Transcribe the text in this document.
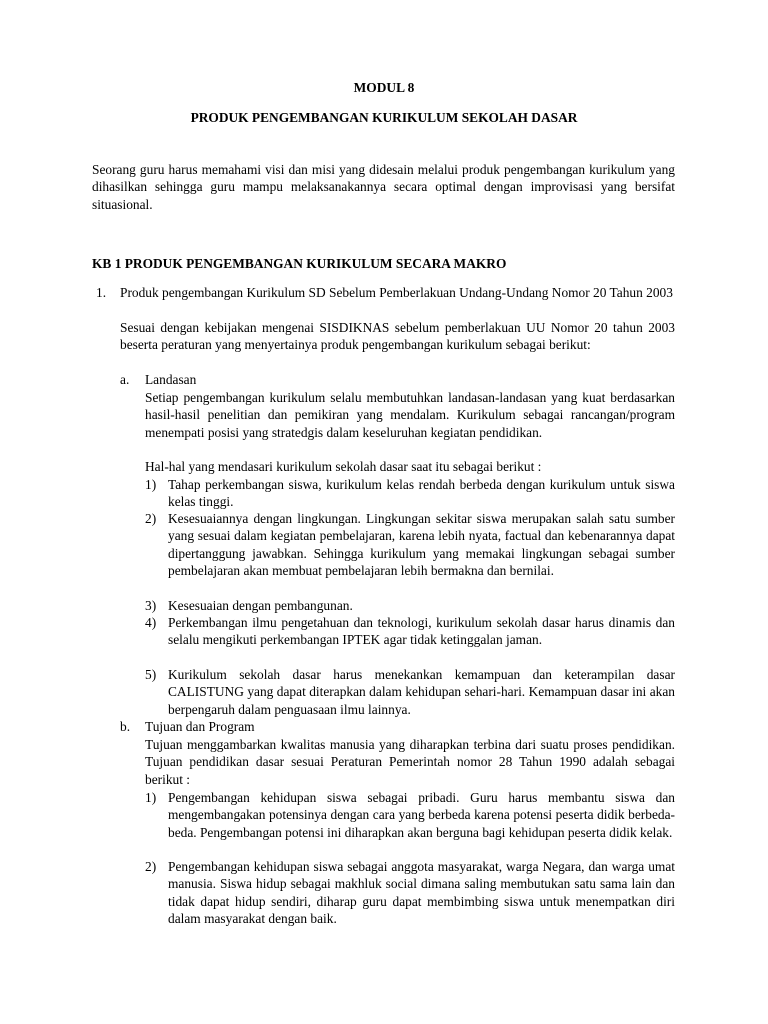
MODUL 8
PRODUK PENGEMBANGAN KURIKULUM SEKOLAH DASAR
Seorang guru harus memahami visi dan misi yang didesain melalui produk pengembangan kurikulum yang dihasilkan sehingga guru mampu melaksanakannya secara optimal dengan improvisasi yang bersifat situasional.
KB 1 PRODUK PENGEMBANGAN KURIKULUM SECARA MAKRO
1. Produk pengembangan Kurikulum SD Sebelum Pemberlakuan Undang-Undang Nomor 20 Tahun 2003
Sesuai dengan kebijakan mengenai SISDIKNAS sebelum pemberlakuan UU Nomor 20 tahun 2003 beserta peraturan yang menyertainya produk pengembangan kurikulum sebagai berikut:
a. Landasan
Setiap pengembangan kurikulum selalu membutuhkan landasan-landasan yang kuat berdasarkan hasil-hasil penelitian dan pemikiran yang mendalam. Kurikulum sebagai rancangan/program menempati posisi yang stratedgis dalam keseluruhan kegiatan pendidikan.
Hal-hal yang mendasari kurikulum sekolah dasar saat itu sebagai berikut :
1) Tahap perkembangan siswa, kurikulum kelas rendah berbeda dengan kurikulum untuk siswa kelas tinggi.
2) Kesesuaiannya dengan lingkungan. Lingkungan sekitar siswa merupakan salah satu sumber yang sesuai dalam kegiatan pembelajaran, karena lebih nyata, factual dan kebenarannya dapat dipertanggung jawabkan. Sehingga kurikulum yang memakai lingkungan sebagai sumber pembelajaran akan membuat pembelajaran lebih bermakna dan bernilai.
3) Kesesuaian dengan pembangunan.
4) Perkembangan ilmu pengetahuan dan teknologi, kurikulum sekolah dasar harus dinamis dan selalu mengikuti perkembangan IPTEK agar tidak ketinggalan jaman.
5) Kurikulum sekolah dasar harus menekankan kemampuan dan keterampilan dasar CALISTUNG yang dapat diterapkan dalam kehidupan sehari-hari. Kemampuan dasar ini akan berpengaruh dalam penguasaan ilmu lainnya.
b. Tujuan dan Program
Tujuan menggambarkan kwalitas manusia yang diharapkan terbina dari suatu proses pendidikan. Tujuan pendidikan dasar sesuai Peraturan Pemerintah nomor 28 Tahun 1990 adalah sebagai berikut :
1) Pengembangan kehidupan siswa sebagai pribadi. Guru harus membantu siswa dan mengembangakan potensinya dengan cara yang berbeda karena potensi peserta didik berbeda-beda. Pengembangan potensi ini diharapkan akan berguna bagi kehidupan peserta didik kelak.
2) Pengembangan kehidupan siswa sebagai anggota masyarakat, warga Negara, dan warga umat manusia. Siswa hidup sebagai makhluk social dimana saling membutukan satu sama lain dan tidak dapat hidup sendiri, diharap guru dapat membimbing siswa untuk menempatkan diri dalam masyarakat dengan baik.
